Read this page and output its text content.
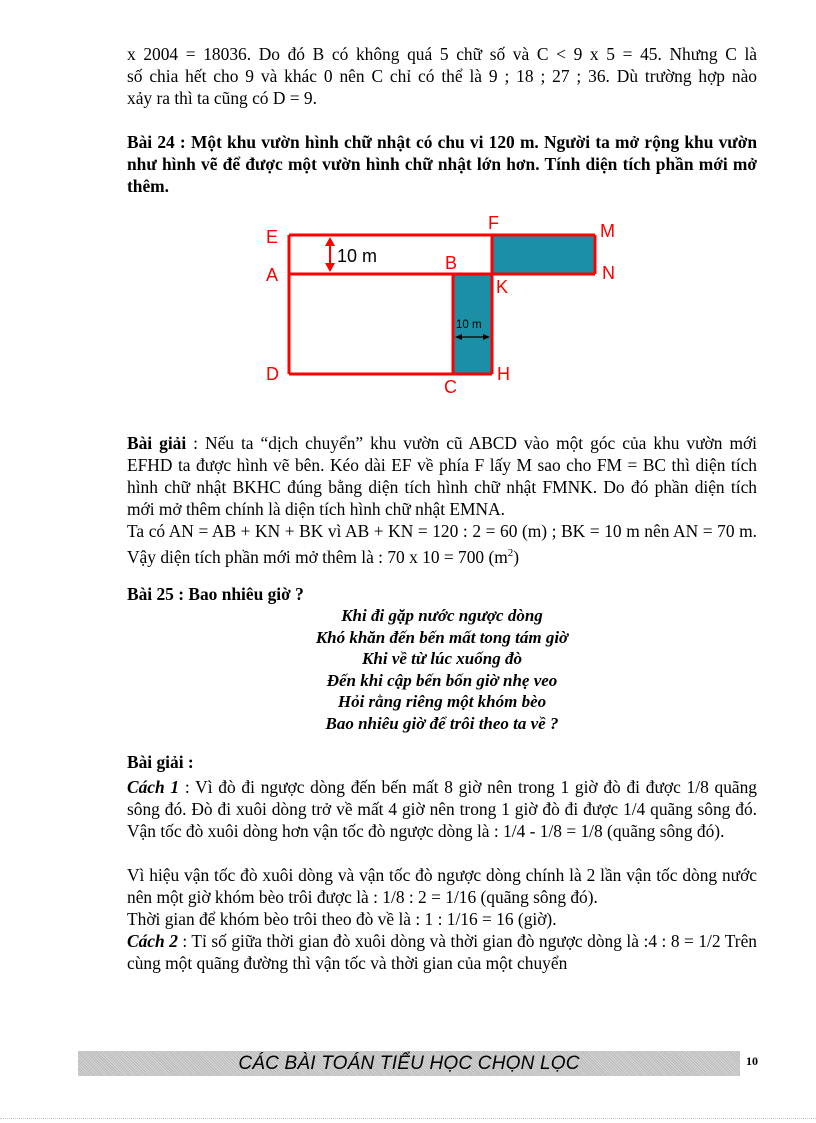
x 2004 = 18036. Do đó B có không quá 5 chữ số và C < 9 x 5 = 45. Nhưng C là
số chia hết cho 9 và khác 0 nên C chỉ có thể là 9 ; 18 ; 27 ; 36. Dù trường hợp nào
xảy ra thì ta cũng có D = 9.

Bài 24 : Một khu vườn hình chữ nhật có chu vi 120 m. Người ta mở rộng khu vườn như hình vẽ để được một vườn hình chữ nhật lớn hơn. Tính diện tích phần mới mở thêm.

10 m
10 m
E
F	M
A
B	N
K
D
C
H

Bài giải : Nếu ta “dịch chuyển” khu vườn cũ ABCD vào một góc của khu vườn mới EFHD ta được hình vẽ bên. Kéo dài EF về phía F lấy M sao cho FM = BC thì diện tích hình chữ nhật BKHC đúng bằng diện tích hình chữ nhật FMNK. Do đó phần diện tích mới mở thêm chính là diện tích hình chữ nhật EMNA.

Ta có AN = AB + KN + BK vì AB + KN = 120 : 2 = 60 (m) ; BK = 10 m nên AN = 70 m. Vậy diện tích phần mới mở thêm là : 70 x 10 = 700 $(m^2)$

Bài 25 : Bao nhiêu giờ ?

Khi đi gặp nước ngược dòng
Khó khăn đến bến mất tong tám giờ
Khi về từ lúc xuống đò
Đến khi cập bến bốn giờ nhẹ veo
Hỏi rằng riêng một khóm bèo
Bao nhiêu giờ để trôi theo ta về ?

Bài giải :

Cách 1 : Vì đò đi ngược dòng đến bến mất 8 giờ nên trong 1 giờ đò đi được 1/8 quãng sông đó. Đò đi xuôi dòng trở về mất 4 giờ nên trong 1 giờ đò đi được 1/4 quãng sông đó. Vận tốc đò xuôi dòng hơn vận tốc đò ngược dòng là : 1/4 - 1/8 = 1/8 (quãng sông đó).

Vì hiệu vận tốc đò xuôi dòng và vận tốc đò ngược dòng chính là 2 lần vận tốc dòng nước nên một giờ khóm bèo trôi được là : 1/8 : 2 = 1/16 (quãng sông đó).

Thời gian để khóm bèo trôi theo đò về là : 1 : 1/16 = 16 (giờ).

Cách 2 : Tỉ số giữa thời gian đò xuôi dòng và thời gian đò ngược dòng là :4 : 8 = 1/2 Trên cùng một quãng đường thì vận tốc và thời gian của một chuyển

CÁC BÀI TOÁN TIỂU HỌC CHỌN LỌC	10
